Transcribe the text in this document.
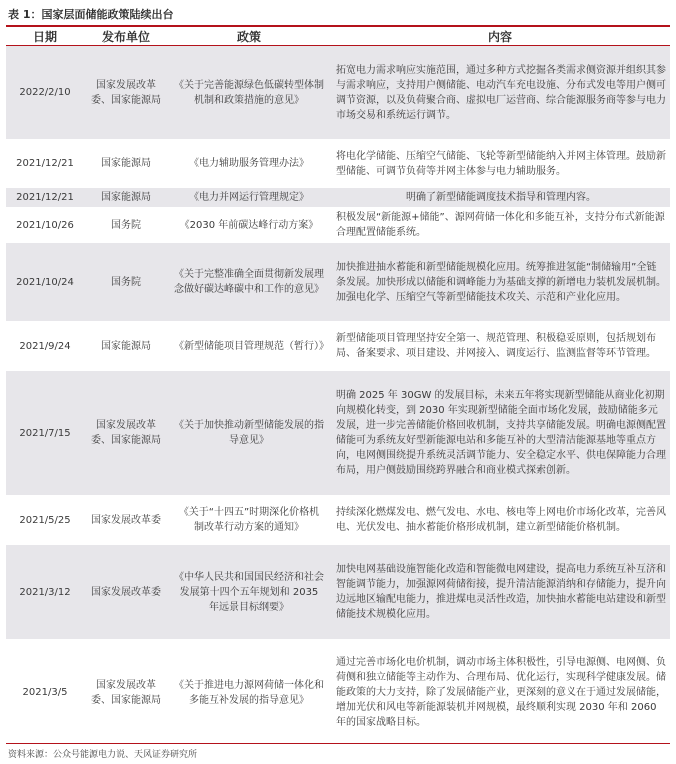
表 1：国家层面储能政策陆续出台
日期	发布单位	政策	内容
2022/2/10	国家发展改革委、国家能源局	《关于完善能源绿色低碳转型体制机制和政策措施的意见》	拓宽电力需求响应实施范围，通过多种方式挖掘各类需求侧资源并组织其参与需求响应，支持用户侧储能、电动汽车充电设施、分布式发电等用户侧可调节资源，以及负荷聚合商、虚拟电厂运营商、综合能源服务商等参与电力市场交易和系统运行调节。
2021/12/21	国家能源局	《电力辅助服务管理办法》	将电化学储能、压缩空气储能、飞轮等新型储能纳入并网主体管理。鼓励新型储能、可调节负荷等并网主体参与电力辅助服务。
2021/12/21	国家能源局	《电力并网运行管理规定》	明确了新型储能调度技术指导和管理内容。
2021/10/26	国务院	《2030 年前碳达峰行动方案》	积极发展“新能源+储能”、源网荷储一体化和多能互补，支持分布式新能源合理配置储能系统。
2021/10/24	国务院	《关于完整准确全面贯彻新发展理念做好碳达峰碳中和工作的意见》	加快推进抽水蓄能和新型储能规模化应用。统筹推进氢能“制储输用”全链条发展。加快形成以储能和调峰能力为基础支撑的新增电力装机发展机制。加强电化学、压缩空气等新型储能技术攻关、示范和产业化应用。
2021/9/24	国家能源局	《新型储能项目管理规范（暂行）》	新型储能项目管理坚持安全第一、规范管理、积极稳妥原则，包括规划布局、备案要求、项目建设、并网接入、调度运行、监测监督等环节管理。
2021/7/15	国家发展改革委、国家能源局	《关于加快推动新型储能发展的指导意见》	明确 2025 年 30GW 的发展目标，未来五年将实现新型储能从商业化初期向规模化转变，到 2030 年实现新型储能全面市场化发展，鼓励储能多元发展，进一步完善储能价格回收机制，支持共享储能发展。明确电源侧配置储能可为系统友好型新能源电站和多能互补的大型清洁能源基地等重点方向，电网侧围绕提升系统灵活调节能力、安全稳定水平、供电保障能力合理布局，用户侧鼓励围绕跨界融合和商业模式探索创新。
2021/5/25	国家发展改革委	《关于“十四五”时期深化价格机制改革行动方案的通知》	持续深化燃煤发电、燃气发电、水电、核电等上网电价市场化改革，完善风电、光伏发电、抽水蓄能价格形成机制，建立新型储能价格机制。
2021/3/12	国家发展改革委	《中华人民共和国国民经济和社会发展第十四个五年规划和 2035 年远景目标纲要》	加快电网基础设施智能化改造和智能微电网建设，提高电力系统互补互济和智能调节能力，加强源网荷储衔接，提升清洁能源消纳和存储能力，提升向边远地区输配电能力，推进煤电灵活性改造，加快抽水蓄能电站建设和新型储能技术规模化应用。
2021/3/5	国家发展改革委、国家能源局	《关于推进电力源网荷储一体化和多能互补发展的指导意见》	通过完善市场化电价机制，调动市场主体积极性，引导电源侧、电网侧、负荷侧和独立储能等主动作为、合理布局、优化运行，实现科学健康发展。储能政策的大力支持，除了发展储能产业，更深刻的意义在于通过发展储能，增加光伏和风电等新能源装机并网规模，最终顺利实现 2030 年和 2060 年的国家战略目标。
资料来源：公众号能源电力说、天风证券研究所
